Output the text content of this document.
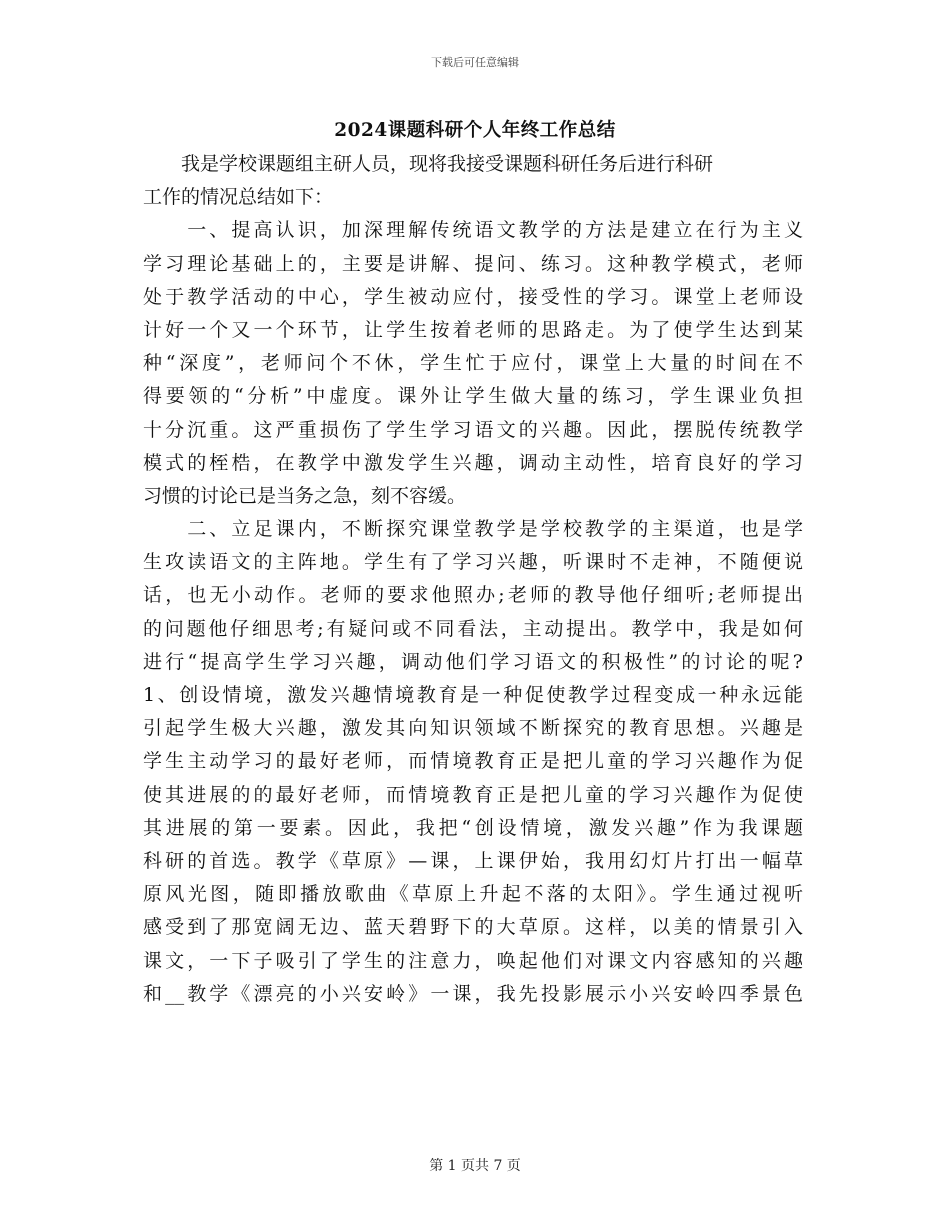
下载后可任意编辑
2024课题科研个人年终工作总结
　　我是学校课题组主研人员，现将我接受课题科研任务后进行科研
工作的情况总结如下：
　　一、提高认识，加深理解传统语文教学的方法是建立在行为主义
学习理论基础上的，主要是讲解、提问、练习。这种教学模式，老师
处于教学活动的中心，学生被动应付，接受性的学习。课堂上老师设
计好一个又一个环节，让学生按着老师的思路走。为了使学生达到某
种“深度”，老师问个不休，学生忙于应付，课堂上大量的时间在不
得要领的“分析”中虚度。课外让学生做大量的练习，学生课业负担
十分沉重。这严重损伤了学生学习语文的兴趣。因此，摆脱传统教学
模式的桎梏，在教学中激发学生兴趣，调动主动性，培育良好的学习
习惯的讨论已是当务之急，刻不容缓。
　　二、立足课内，不断探究课堂教学是学校教学的主渠道，也是学
生攻读语文的主阵地。学生有了学习兴趣，听课时不走神，不随便说
话，也无小动作。老师的要求他照办;老师的教导他仔细听;老师提出
的问题他仔细思考;有疑问或不同看法，主动提出。教学中，我是如何
进行“提高学生学习兴趣，调动他们学习语文的积极性”的讨论的呢?
1、创设情境，激发兴趣情境教育是一种促使教学过程变成一种永远能
引起学生极大兴趣，激发其向知识领域不断探究的教育思想。兴趣是
学生主动学习的最好老师，而情境教育正是把儿童的学习兴趣作为促
使其进展的的最好老师，而情境教育正是把儿童的学习兴趣作为促使
其进展的第一要素。因此，我把“创设情境，激发兴趣”作为我课题
科研的首选。教学《草原》—课，上课伊始，我用幻灯片打出一幅草
原风光图，随即播放歌曲《草原上升起不落的太阳》。学生通过视听
感受到了那宽阔无边、蓝天碧野下的大草原。这样，以美的情景引入
课文，一下子吸引了学生的注意力，唤起他们对课文内容感知的兴趣
和__教学《漂亮的小兴安岭》一课，我先投影展示小兴安岭四季景色
第 1 页共 7 页
